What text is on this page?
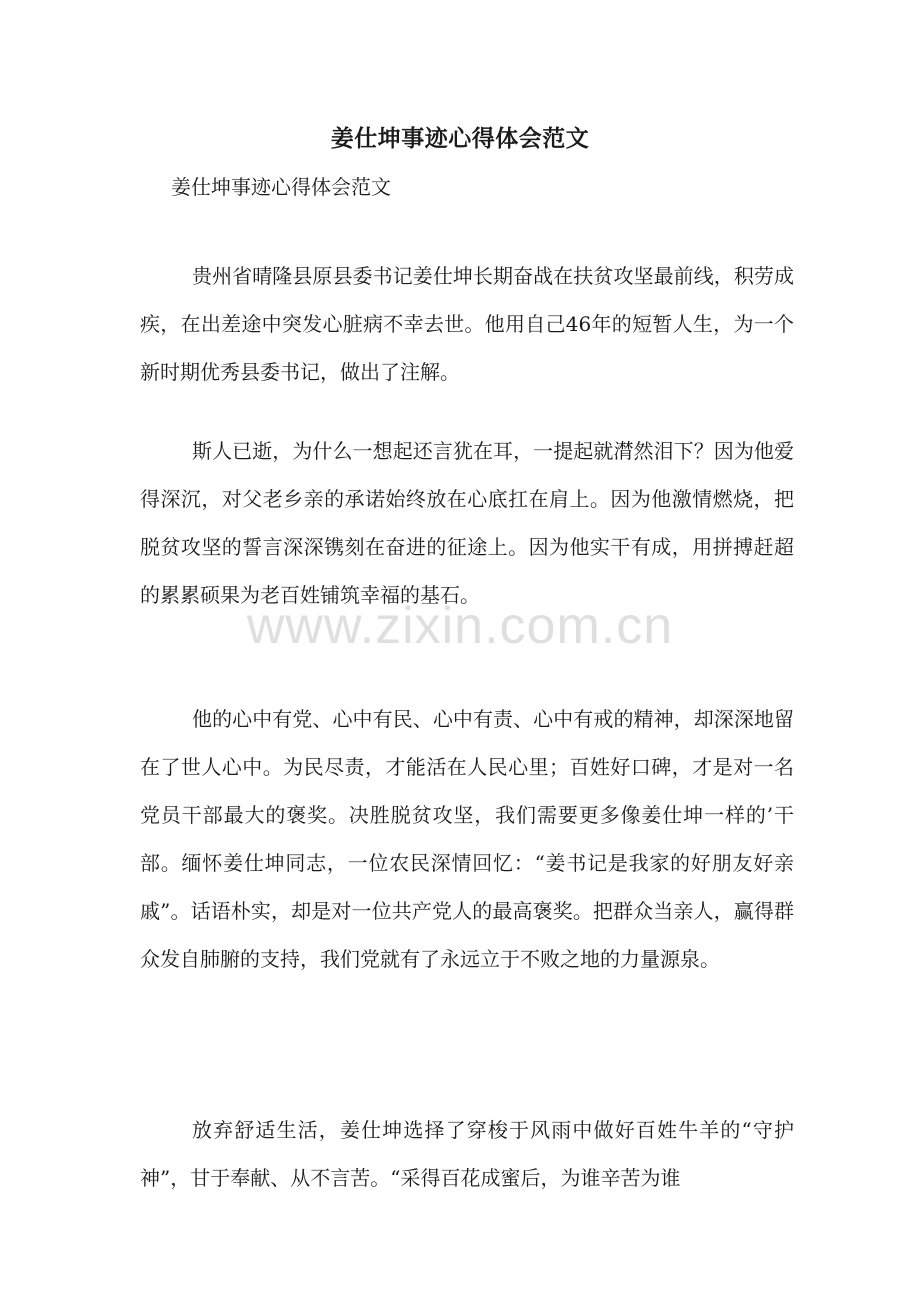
姜仕坤事迹心得体会范文

姜仕坤事迹心得体会范文

贵州省晴隆县原县委书记姜仕坤长期奋战在扶贫攻坚最前线，积劳成疾，在出差途中突发心脏病不幸去世。他用自己46年的短暂人生，为一个新时期优秀县委书记，做出了注解。

斯人已逝，为什么一想起还言犹在耳，一提起就潸然泪下？因为他爱得深沉，对父老乡亲的承诺始终放在心底扛在肩上。因为他激情燃烧，把脱贫攻坚的誓言深深镌刻在奋进的征途上。因为他实干有成，用拼搏赶超的累累硕果为老百姓铺筑幸福的基石。

他的心中有党、心中有民、心中有责、心中有戒的精神，却深深地留在了世人心中。为民尽责，才能活在人民心里；百姓好口碑，才是对一名党员干部最大的褒奖。决胜脱贫攻坚，我们需要更多像姜仕坤一样的’干部。缅怀姜仕坤同志，一位农民深情回忆：“姜书记是我家的好朋友好亲戚”。话语朴实，却是对一位共产党人的最高褒奖。把群众当亲人，赢得群众发自肺腑的支持，我们党就有了永远立于不败之地的力量源泉。

放弃舒适生活，姜仕坤选择了穿梭于风雨中做好百姓牛羊的“守护神”，甘于奉献、从不言苦。“采得百花成蜜后，为谁辛苦为谁

www.zixin.com.cn
